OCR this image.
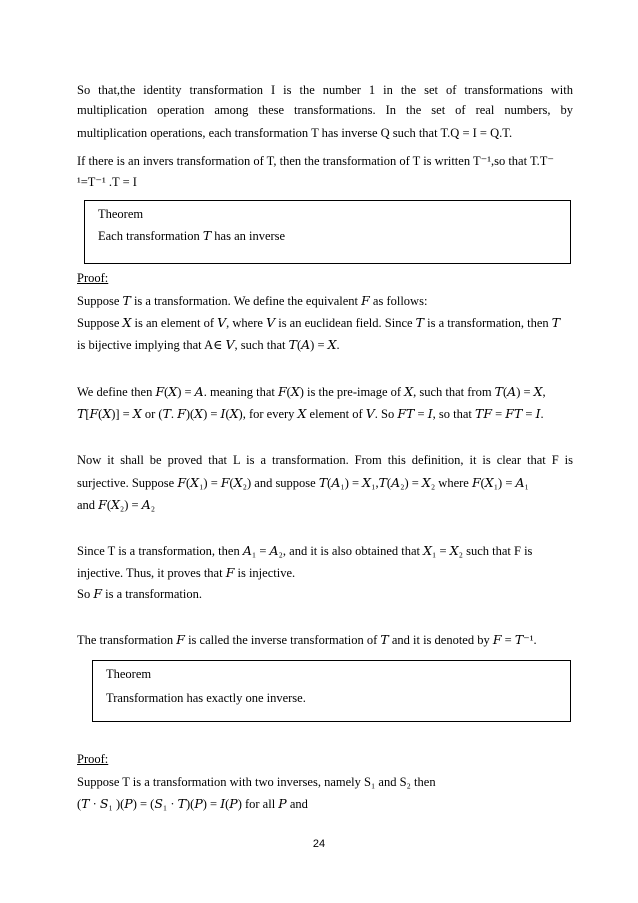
So that,the identity transformation I is the number 1 in the set of transformations with
multiplication operation among these transformations. In the set of real numbers, by
multiplication operations, each transformation T has inverse Q such that T.Q = I = Q.T.
If there is an invers transformation of T, then the transformation of T is written T⁻¹,so that T.T⁻
¹=T⁻¹ .T = I
Theorem
Each transformation 𝑇 has an inverse
Proof:
Suppose 𝑇 is a transformation. We define the equivalent 𝐹 as follows:
Suppose 𝑋 is an element of 𝑉, where 𝑉 is an euclidean field. Since 𝑇 is a transformation, then 𝑇
is bijective implying that A∈ 𝑉, such that 𝑇(𝐴) = 𝑋.
We define then 𝐹(𝑋) = 𝐴. meaning that 𝐹(𝑋) is the pre-image of 𝑋, such that from 𝑇(𝐴) = 𝑋,
𝑇[𝐹(𝑋)] = 𝑋 or (𝑇. 𝐹)(𝑋) = 𝐼(𝑋), for every 𝑋 element of 𝑉. So 𝐹𝑇 = 𝐼, so that 𝑇𝐹 = 𝐹𝑇 = 𝐼.
Now it shall be proved that L is a transformation. From this definition, it is clear that F is
surjective. Suppose 𝐹(𝑋₁) = 𝐹(𝑋₂) and suppose 𝑇(𝐴₁) = 𝑋₁,𝑇(𝐴₂) = 𝑋₂ where 𝐹(𝑋₁) = 𝐴₁
and 𝐹(𝑋₂) = 𝐴₂
Since T is a transformation, then 𝐴₁ = 𝐴₂, and it is also obtained that 𝑋₁ = 𝑋₂ such that F is
injective. Thus, it proves that 𝐹 is injective.
So 𝐹 is a transformation.
The transformation 𝐹 is called the inverse transformation of 𝑇 and it is denoted by 𝐹 = 𝑇⁻¹.
Theorem
Transformation has exactly one inverse.
Proof:
Suppose T is a transformation with two inverses, namely S₁ and S₂ then
(𝑇 · 𝑆₁ )(𝑃) = (𝑆₁ · 𝑇)(𝑃) = 𝐼(𝑃) for all 𝑃 and
24
